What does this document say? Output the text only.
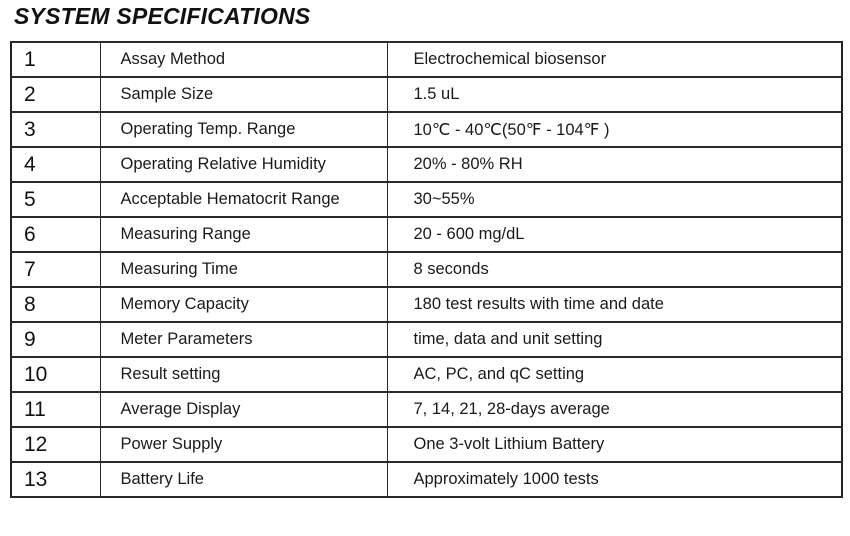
SYSTEM SPECIFICATIONS
1	Assay Method	Electrochemical biosensor
2	Sample Size	1.5 uL
3	Operating Temp. Range	10℃ - 40℃(50℉ - 104℉ )
4	Operating Relative Humidity	20% - 80% RH
5	Acceptable Hematocrit Range	30~55%
6	Measuring Range	20 - 600 mg/dL
7	Measuring Time	8 seconds
8	Memory Capacity	180 test results with time and date
9	Meter Parameters	time, data and unit setting
10	Result setting	AC, PC, and qC setting
11	Average Display	7, 14, 21, 28-days average
12	Power Supply	One 3-volt Lithium Battery
13	Battery Life	Approximately 1000 tests
